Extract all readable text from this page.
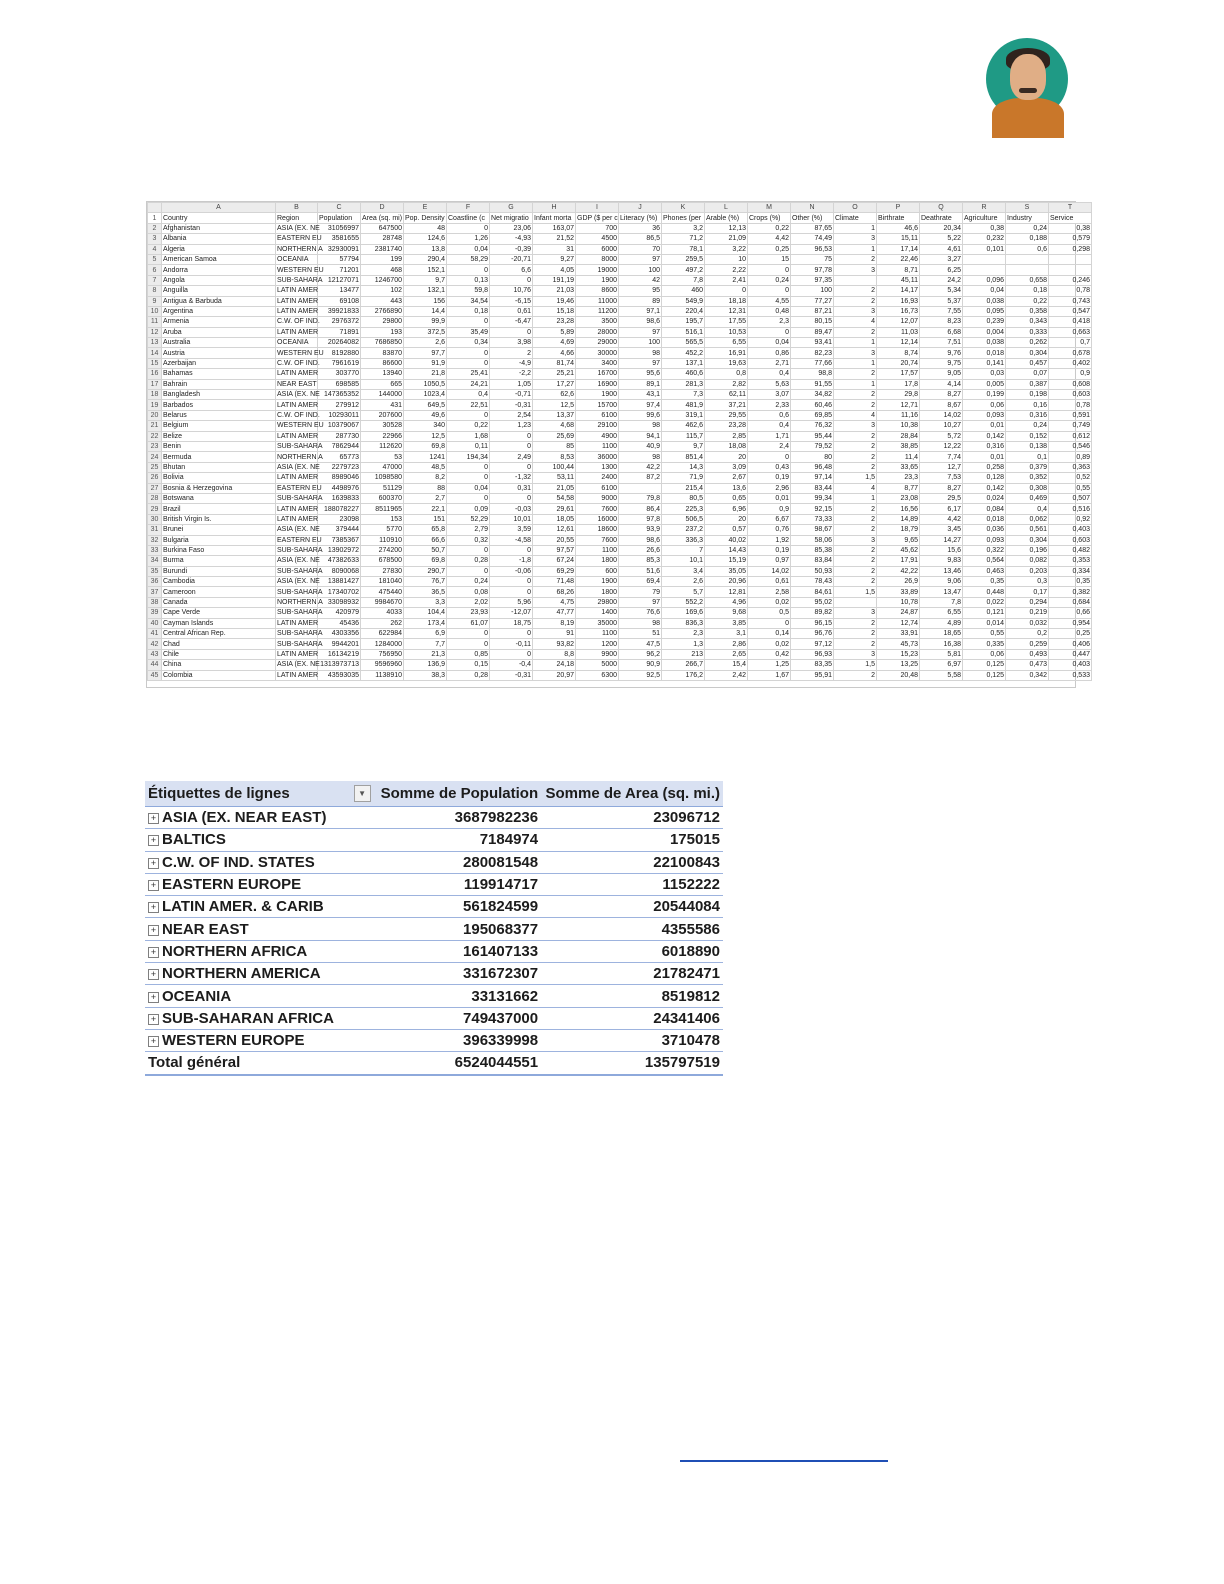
	A	B	C	D	E	F	G	H	I	J	K	L	M	N	O	P	Q	R	S	T
1	Country	Region	Population	Area (sq. mi)	Pop. Density	Coastline (c	Net migratio	Infant morta	GDP ($ per c	Literacy (%)	Phones (per	Arable (%)	Crops (%)	Other (%)	Climate	Birthrate	Deathrate	Agriculture	Industry	Service
2	Afghanistan	ASIA (EX. NE	31056997	647500	48	0	23,06	163,07	700	36	3,2	12,13	0,22	87,65	1	46,6	20,34	0,38	0,24	0,38
3	Albania	EASTERN EU	3581655	28748	124,6	1,26	-4,93	21,52	4500	86,5	71,2	21,09	4,42	74,49	3	15,11	5,22	0,232	0,188	0,579
4	Algeria	NORTHERN A	32930091	2381740	13,8	0,04	-0,39	31	6000	70	78,1	3,22	0,25	96,53	1	17,14	4,61	0,101	0,6	0,298
5	American Samoa	OCEANIA	57794	199	290,4	58,29	-20,71	9,27	8000	97	259,5	10	15	75	2	22,46	3,27			
6	Andorra	WESTERN EU	71201	468	152,1	0	6,6	4,05	19000	100	497,2	2,22	0	97,78	3	8,71	6,25			
7	Angola	SUB-SAHARA	12127071	1246700	9,7	0,13	0	191,19	1900	42	7,8	2,41	0,24	97,35		45,11	24,2	0,096	0,658	0,246
8	Anguilla	LATIN AMER	13477	102	132,1	59,8	10,76	21,03	8600	95	460	0	0	100	2	14,17	5,34	0,04	0,18	0,78
9	Antigua & Barbuda	LATIN AMER	69108	443	156	34,54	-6,15	19,46	11000	89	549,9	18,18	4,55	77,27	2	16,93	5,37	0,038	0,22	0,743
10	Argentina	LATIN AMER	39921833	2766890	14,4	0,18	0,61	15,18	11200	97,1	220,4	12,31	0,48	87,21	3	16,73	7,55	0,095	0,358	0,547
11	Armenia	C.W. OF IND.	2976372	29800	99,9	0	-6,47	23,28	3500	98,6	195,7	17,55	2,3	80,15	4	12,07	8,23	0,239	0,343	0,418
12	Aruba	LATIN AMER	71891	193	372,5	35,49	0	5,89	28000	97	516,1	10,53	0	89,47	2	11,03	6,68	0,004	0,333	0,663
13	Australia	OCEANIA	20264082	7686850	2,6	0,34	3,98	4,69	29000	100	565,5	6,55	0,04	93,41	1	12,14	7,51	0,038	0,262	0,7
14	Austria	WESTERN EU	8192880	83870	97,7	0	2	4,66	30000	98	452,2	16,91	0,86	82,23	3	8,74	9,76	0,018	0,304	0,678
15	Azerbaijan	C.W. OF IND.	7961619	86600	91,9	0	-4,9	81,74	3400	97	137,1	19,63	2,71	77,66	1	20,74	9,75	0,141	0,457	0,402
16	Bahamas	LATIN AMER	303770	13940	21,8	25,41	-2,2	25,21	16700	95,6	460,6	0,8	0,4	98,8	2	17,57	9,05	0,03	0,07	0,9
17	Bahrain	NEAR EAST	698585	665	1050,5	24,21	1,05	17,27	16900	89,1	281,3	2,82	5,63	91,55	1	17,8	4,14	0,005	0,387	0,608
18	Bangladesh	ASIA (EX. NE	147365352	144000	1023,4	0,4	-0,71	62,6	1900	43,1	7,3	62,11	3,07	34,82	2	29,8	8,27	0,199	0,198	0,603
19	Barbados	LATIN AMER	279912	431	649,5	22,51	-0,31	12,5	15700	97,4	481,9	37,21	2,33	60,46	2	12,71	8,67	0,06	0,16	0,78
20	Belarus	C.W. OF IND.	10293011	207600	49,6	0	2,54	13,37	6100	99,6	319,1	29,55	0,6	69,85	4	11,16	14,02	0,093	0,316	0,591
21	Belgium	WESTERN EU	10379067	30528	340	0,22	1,23	4,68	29100	98	462,6	23,28	0,4	76,32	3	10,38	10,27	0,01	0,24	0,749
22	Belize	LATIN AMER	287730	22966	12,5	1,68	0	25,69	4900	94,1	115,7	2,85	1,71	95,44	2	28,84	5,72	0,142	0,152	0,612
23	Benin	SUB-SAHARA	7862944	112620	69,8	0,11	0	85	1100	40,9	9,7	18,08	2,4	79,52	2	38,85	12,22	0,316	0,138	0,546
24	Bermuda	NORTHERN A	65773	53	1241	194,34	2,49	8,53	36000	98	851,4	20	0	80	2	11,4	7,74	0,01	0,1	0,89
25	Bhutan	ASIA (EX. NE	2279723	47000	48,5	0	0	100,44	1300	42,2	14,3	3,09	0,43	96,48	2	33,65	12,7	0,258	0,379	0,363
26	Bolivia	LATIN AMER	8989046	1098580	8,2	0	-1,32	53,11	2400	87,2	71,9	2,67	0,19	97,14	1,5	23,3	7,53	0,128	0,352	0,52
27	Bosnia & Herzegovina	EASTERN EU	4498976	51129	88	0,04	0,31	21,05	6100		215,4	13,6	2,96	83,44	4	8,77	8,27	0,142	0,308	0,55
28	Botswana	SUB-SAHARA	1639833	600370	2,7	0	0	54,58	9000	79,8	80,5	0,65	0,01	99,34	1	23,08	29,5	0,024	0,469	0,507
29	Brazil	LATIN AMER	188078227	8511965	22,1	0,09	-0,03	29,61	7600	86,4	225,3	6,96	0,9	92,15	2	16,56	6,17	0,084	0,4	0,516
30	British Virgin Is.	LATIN AMER	23098	153	151	52,29	10,01	18,05	16000	97,8	506,5	20	6,67	73,33	2	14,89	4,42	0,018	0,062	0,92
31	Brunei	ASIA (EX. NE	379444	5770	65,8	2,79	3,59	12,61	18600	93,9	237,2	0,57	0,76	98,67	2	18,79	3,45	0,036	0,561	0,403
32	Bulgaria	EASTERN EU	7385367	110910	66,6	0,32	-4,58	20,55	7600	98,6	336,3	40,02	1,92	58,06	3	9,65	14,27	0,093	0,304	0,603
33	Burkina Faso	SUB-SAHARA	13902972	274200	50,7	0	0	97,57	1100	26,6	7	14,43	0,19	85,38	2	45,62	15,6	0,322	0,196	0,482
34	Burma	ASIA (EX. NE	47382633	678500	69,8	0,28	-1,8	67,24	1800	85,3	10,1	15,19	0,97	83,84	2	17,91	9,83	0,564	0,082	0,353
35	Burundi	SUB-SAHARA	8090068	27830	290,7	0	-0,06	69,29	600	51,6	3,4	35,05	14,02	50,93	2	42,22	13,46	0,463	0,203	0,334
36	Cambodia	ASIA (EX. NE	13881427	181040	76,7	0,24	0	71,48	1900	69,4	2,6	20,96	0,61	78,43	2	26,9	9,06	0,35	0,3	0,35
37	Cameroon	SUB-SAHARA	17340702	475440	36,5	0,08	0	68,26	1800	79	5,7	12,81	2,58	84,61	1,5	33,89	13,47	0,448	0,17	0,382
38	Canada	NORTHERN A	33098932	9984670	3,3	2,02	5,96	4,75	29800	97	552,2	4,96	0,02	95,02		10,78	7,8	0,022	0,294	0,684
39	Cape Verde	SUB-SAHARA	420979	4033	104,4	23,93	-12,07	47,77	1400	76,6	169,6	9,68	0,5	89,82	3	24,87	6,55	0,121	0,219	0,66
40	Cayman Islands	LATIN AMER	45436	262	173,4	61,07	18,75	8,19	35000	98	836,3	3,85	0	96,15	2	12,74	4,89	0,014	0,032	0,954
41	Central African Rep.	SUB-SAHARA	4303356	622984	6,9	0	0	91	1100	51	2,3	3,1	0,14	96,76	2	33,91	18,65	0,55	0,2	0,25
42	Chad	SUB-SAHARA	9944201	1284000	7,7	0	-0,11	93,82	1200	47,5	1,3	2,86	0,02	97,12	2	45,73	16,38	0,335	0,259	0,406
43	Chile	LATIN AMER	16134219	756950	21,3	0,85	0	8,8	9900	96,2	213	2,65	0,42	96,93	3	15,23	5,81	0,06	0,493	0,447
44	China	ASIA (EX. NE	1313973713	9596960	136,9	0,15	-0,4	24,18	5000	90,9	266,7	15,4	1,25	83,35	1,5	13,25	6,97	0,125	0,473	0,403
45	Colombia	LATIN AMER	43593035	1138910	38,3	0,28	-0,31	20,97	6300	92,5	176,2	2,42	1,67	95,91	2	20,48	5,58	0,125	0,342	0,533
Étiquettes de lignes ▼	Somme de Population	Somme de Area (sq. mi.)
+ ASIA (EX. NEAR EAST)	3687982236	23096712
+ BALTICS	7184974	175015
+ C.W. OF IND. STATES	280081548	22100843
+ EASTERN EUROPE	119914717	1152222
+ LATIN AMER. & CARIB	561824599	20544084
+ NEAR EAST	195068377	4355586
+ NORTHERN AFRICA	161407133	6018890
+ NORTHERN AMERICA	331672307	21782471
+ OCEANIA	33131662	8519812
+ SUB-SAHARAN AFRICA	749437000	24341406
+ WESTERN EUROPE	396339998	3710478
Total général	6524044551	135797519
